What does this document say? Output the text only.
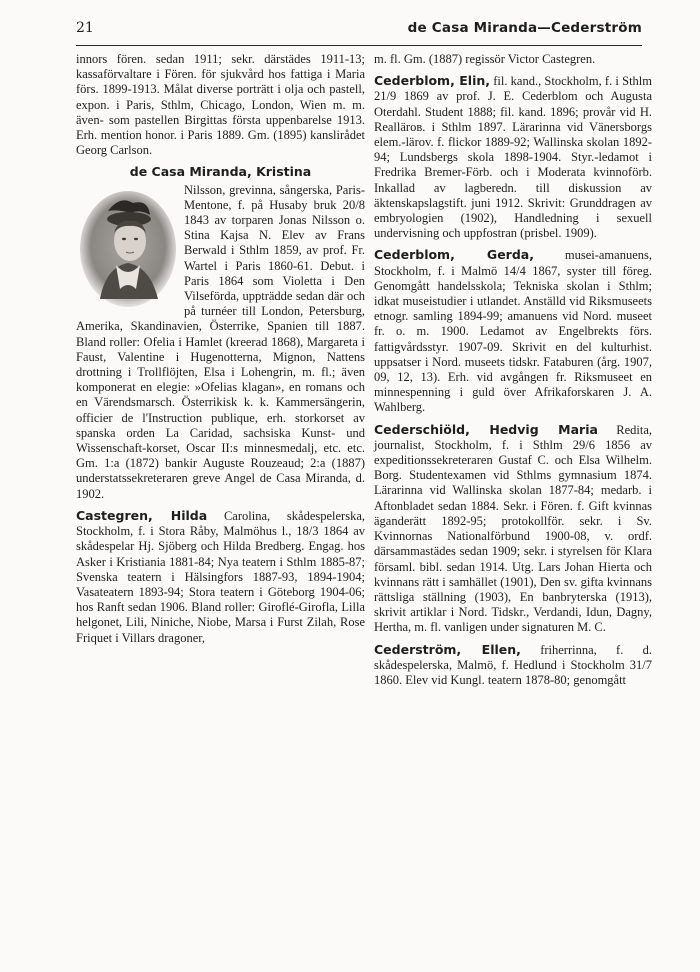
21	de Casa Miranda—Cederström

innors fören. sedan 1911; sekr. därstädes 1911-13; kassaförvaltare i Fören. för sjukvård hos fattiga i Maria förs. 1899-1913. Målat diverse porträtt i olja och pastell, expon. i Paris, Sthlm, Chicago, London, Wien m. m. även- som pastellen Birgittas första uppenbarelse 1913. Erh. mention honor. i Paris 1889. Gm. (1895) kanslirådet Georg Carlson.

de Casa Miranda, Kristina

Nilsson, grevinna, sångerska, Paris-Mentone, f. på Husaby bruk 20/8 1843 av torparen Jonas Nilsson o. Stina Kajsa N. Elev av Frans Berwald i Sthlm 1859, av prof. Fr. Wartel i Paris 1860-61. Debut. i Paris 1864 som Violetta i Den Vilseförda, uppträdde sedan där och på turnéer till London, Petersburg, Amerika, Skandinavien, Österrike, Spanien till 1887. Bland roller: Ofelia i Hamlet (kreerad 1868), Margareta i Faust, Valentine i Hugenotterna, Mignon, Nattens drottning i Trollflöjten, Elsa i Lohengrin, m. fl.; även komponerat en elegie: »Ofelias klagan», en romans och en Värendsmarsch. Österrikisk k. k. Kammersängerin, officier de l'Instruction publique, erh. storkorset av spanska orden La Caridad, sachsiska Kunst- und Wissenschaft-korset, Oscar II:s minnesmedalj, etc. etc. Gm. 1:a (1872) bankir Auguste Rouzeaud; 2:a (1887) understatssekreteraren greve Angel de Casa Miranda, d. 1902.

Castegren, Hilda Carolina, skådespelerska, Stockholm, f. i Stora Råby, Malmöhus l., 18/3 1864 av skådespelar Hj. Sjöberg och Hilda Bredberg. Engag. hos Asker i Kristiania 1881-84; Nya teatern i Sthlm 1885-87; Svenska teatern i Hälsingfors 1887-93, 1894-1904; Vasateatern 1893-94; Stora teatern i Göteborg 1904-06; hos Ranft sedan 1906. Bland roller: Giroflé-Girofla, Lilla helgonet, Lili, Niniche, Niobe, Marsa i Furst Zilah, Rose Friquet i Villars dragoner,

m. fl. Gm. (1887) regissör Victor Castegren.

Cederblom, Elin, fil. kand., Stockholm, f. i Sthlm 21/9 1869 av prof. J. E. Cederblom och Augusta Oterdahl. Student 1888; fil. kand. 1896; provår vid H. Realläroв. i Sthlm 1897. Lärarinna vid Vänersborgs elem.-lärov. f. flickor 1889-92; Wallinska skolan 1892-94; Lundsbergs skola 1898-1904. Styr.-ledamot i Fredrika Bremer-Förb. och i Moderata kvinnoförb. Inkallad av lagberedn. till diskussion av äktenskapslagstift. juni 1912. Skrivit: Grunddragen av embryologien (1902), Handledning i sexuell undervisning och uppfostran (prisbel. 1909).

Cederblom, Gerda, musei-amanuens, Stockholm, f. i Malmö 14/4 1867, syster till föreg. Genomgått handelsskola; Tekniska skolan i Sthlm; idkat museistudier i utlandet. Anställd vid Riksmuseets etnogr. samling 1894-99; amanuens vid Nord. museet fr. o. m. 1900. Ledamot av Engelbrekts förs. fattigvårdsstyr. 1907-09. Skrivit en del kulturhist. uppsatser i Nord. museets tidskr. Fataburen (årg. 1907, 09, 12, 13). Erh. vid avgången fr. Riksmuseet en minnespenning i guld över Afrikaforskaren J. A. Wahlberg.

Cederschiöld, Hedvig Maria Redita, journalist, Stockholm, f. i Sthlm 29/6 1856 av expeditionssekreteraren Gustaf C. och Elsa Wilhelm. Borg. Studentexamen vid Sthlms gymnasium 1874. Lärarinna vid Wallinska skolan 1877-84; medarb. i Aftonbladet sedan 1884. Sekr. i Fören. f. Gift kvinnas äganderätt 1892-95; protokollför. sekr. i Sv. Kvinnornas Nationalförbund 1900-08, v. ordf. därsammastädes sedan 1909; sekr. i styrelsen för Klara församl. bibl. sedan 1914. Utg. Lars Johan Hierta och kvinnans rätt i samhället (1901), Den sv. gifta kvinnans rättsliga ställning (1903), En banbryterska (1913), skrivit artiklar i Nord. Tidskr., Verdandi, Idun, Dagny, Hertha, m. fl. vanligen under signaturen M. C.

Cederström, Ellen, friherrinna, f. d. skådespelerska, Malmö, f. Hedlund i Stockholm 31/7 1860. Elev vid Kungl. teatern 1878-80; genomgått
